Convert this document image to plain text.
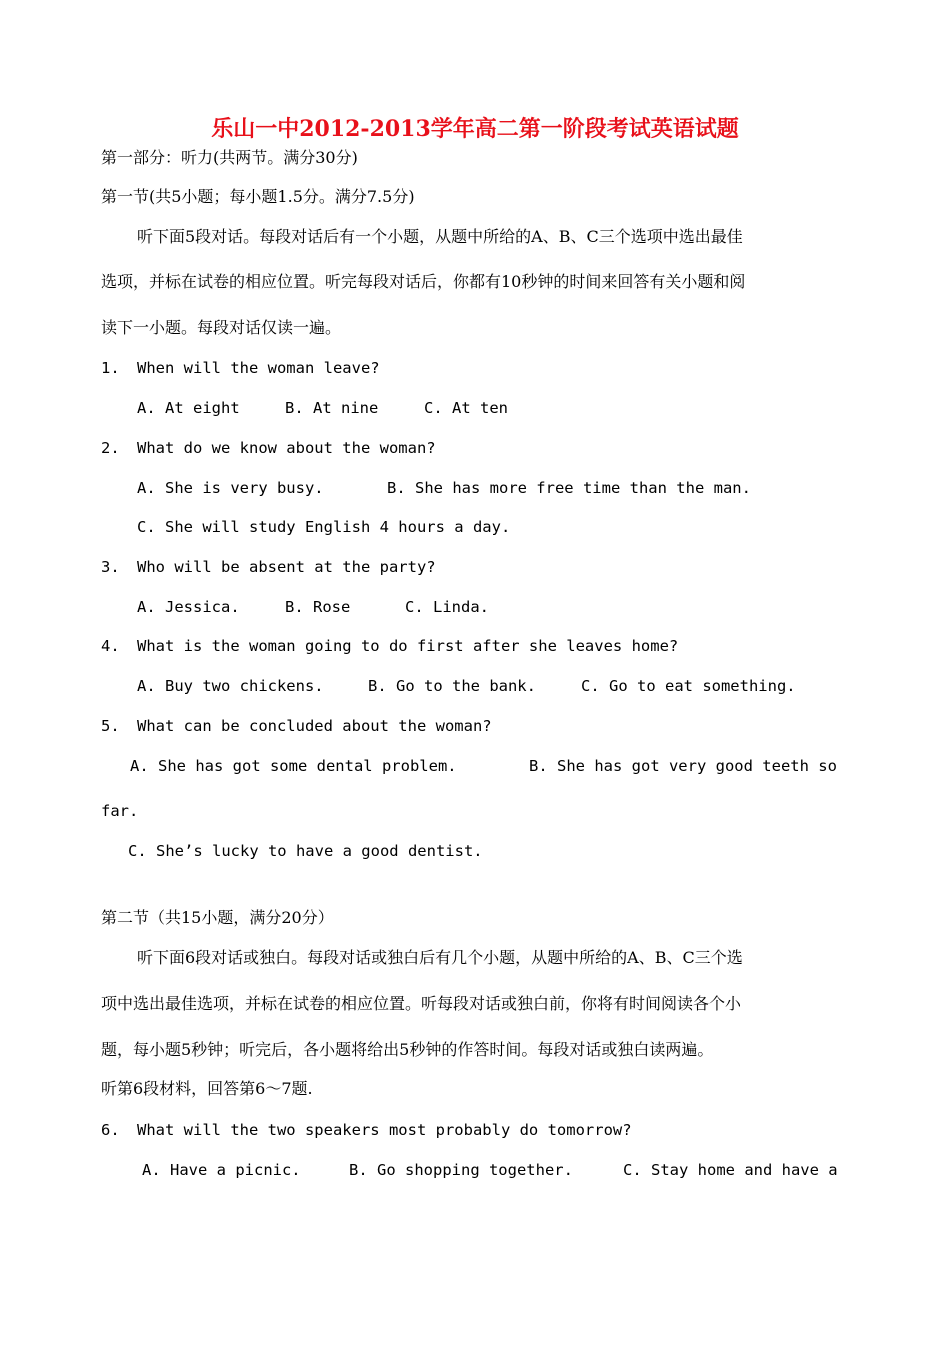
乐山一中2012-2013学年高二第一阶段考试英语试题
第一部分：听力(共两节。满分30分)
第一节(共5小题；每小题1.5分。满分7.5分)
听下面5段对话。每段对话后有一个小题，从题中所给的A、B、C三个选项中选出最佳
选项，并标在试卷的相应位置。听完每段对话后，你都有10秒钟的时间来回答有关小题和阅
读下一小题。每段对话仅读一遍。
1. When will the woman leave?
A. At eight	B. At nine	C. At ten
2. What do we know about the woman?
A. She is very busy.	B. She has more free time than the man.
C. She will study English 4 hours a day.
3. Who will be absent at the party?
A. Jessica.	B. Rose	C. Linda.
4. What is the woman going to do first after she leaves home?
A. Buy two chickens.	B. Go to the bank.	C. Go to eat something.
5. What can be concluded about the woman?
A. She has got some dental problem.	B. She has got very good teeth so
far.
C. She’s lucky to have a good dentist.
第二节（共15小题，满分20分）
听下面6段对话或独白。每段对话或独白后有几个小题，从题中所给的A、B、C三个选
项中选出最佳选项，并标在试卷的相应位置。听每段对话或独白前，你将有时间阅读各个小
题，每小题5秒钟；听完后，各小题将给出5秒钟的作答时间。每段对话或独白读两遍。
听第6段材料，回答第6～7题.
6. What will the two speakers most probably do tomorrow?
A. Have a picnic.	B. Go shopping together.	C. Stay home and have a
